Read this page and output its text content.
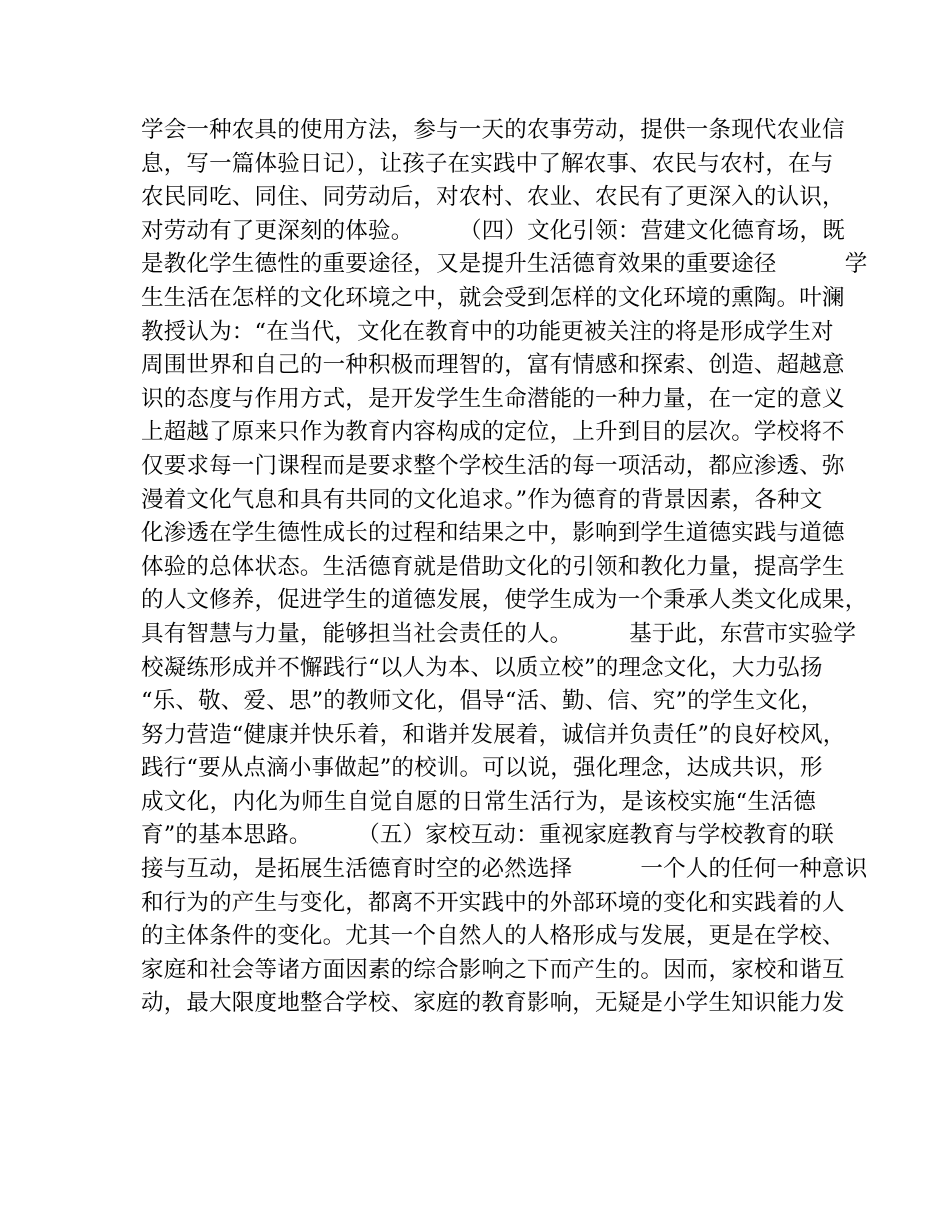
学会一种农具的使用方法，参与一天的农事劳动，提供一条现代农业信
息，写一篇体验日记），让孩子在实践中了解农事、农民与农村，在与
农民同吃、同住、同劳动后，对农村、农业、农民有了更深入的认识，
对劳动有了更深刻的体验。　　　（四）文化引领：营建文化德育场，既
是教化学生德性的重要途径，又是提升生活德育效果的重要途径　　　学
生生活在怎样的文化环境之中，就会受到怎样的文化环境的熏陶。叶澜
教授认为：“在当代，文化在教育中的功能更被关注的将是形成学生对
周围世界和自己的一种积极而理智的，富有情感和探索、创造、超越意
识的态度与作用方式，是开发学生生命潜能的一种力量，在一定的意义
上超越了原来只作为教育内容构成的定位，上升到目的层次。学校将不
仅要求每一门课程而是要求整个学校生活的每一项活动，都应渗透、弥
漫着文化气息和具有共同的文化追求。”作为德育的背景因素，各种文
化渗透在学生德性成长的过程和结果之中，影响到学生道德实践与道德
体验的总体状态。生活德育就是借助文化的引领和教化力量，提高学生
的人文修养，促进学生的道德发展，使学生成为一个秉承人类文化成果，
具有智慧与力量，能够担当社会责任的人。　　　基于此，东营市实验学
校凝练形成并不懈践行“以人为本、以质立校”的理念文化，大力弘扬
“乐、敬、爱、思”的教师文化，倡导“活、勤、信、究”的学生文化，
努力营造“健康并快乐着，和谐并发展着，诚信并负责任”的良好校风，
践行“要从点滴小事做起”的校训。可以说，强化理念，达成共识，形
成文化，内化为师生自觉自愿的日常生活行为，是该校实施“生活德
育”的基本思路。　　　（五）家校互动：重视家庭教育与学校教育的联
接与互动，是拓展生活德育时空的必然选择　　　一个人的任何一种意识
和行为的产生与变化，都离不开实践中的外部环境的变化和实践着的人
的主体条件的变化。尤其一个自然人的人格形成与发展，更是在学校、
家庭和社会等诸方面因素的综合影响之下而产生的。因而，家校和谐互
动，最大限度地整合学校、家庭的教育影响，无疑是小学生知识能力发
